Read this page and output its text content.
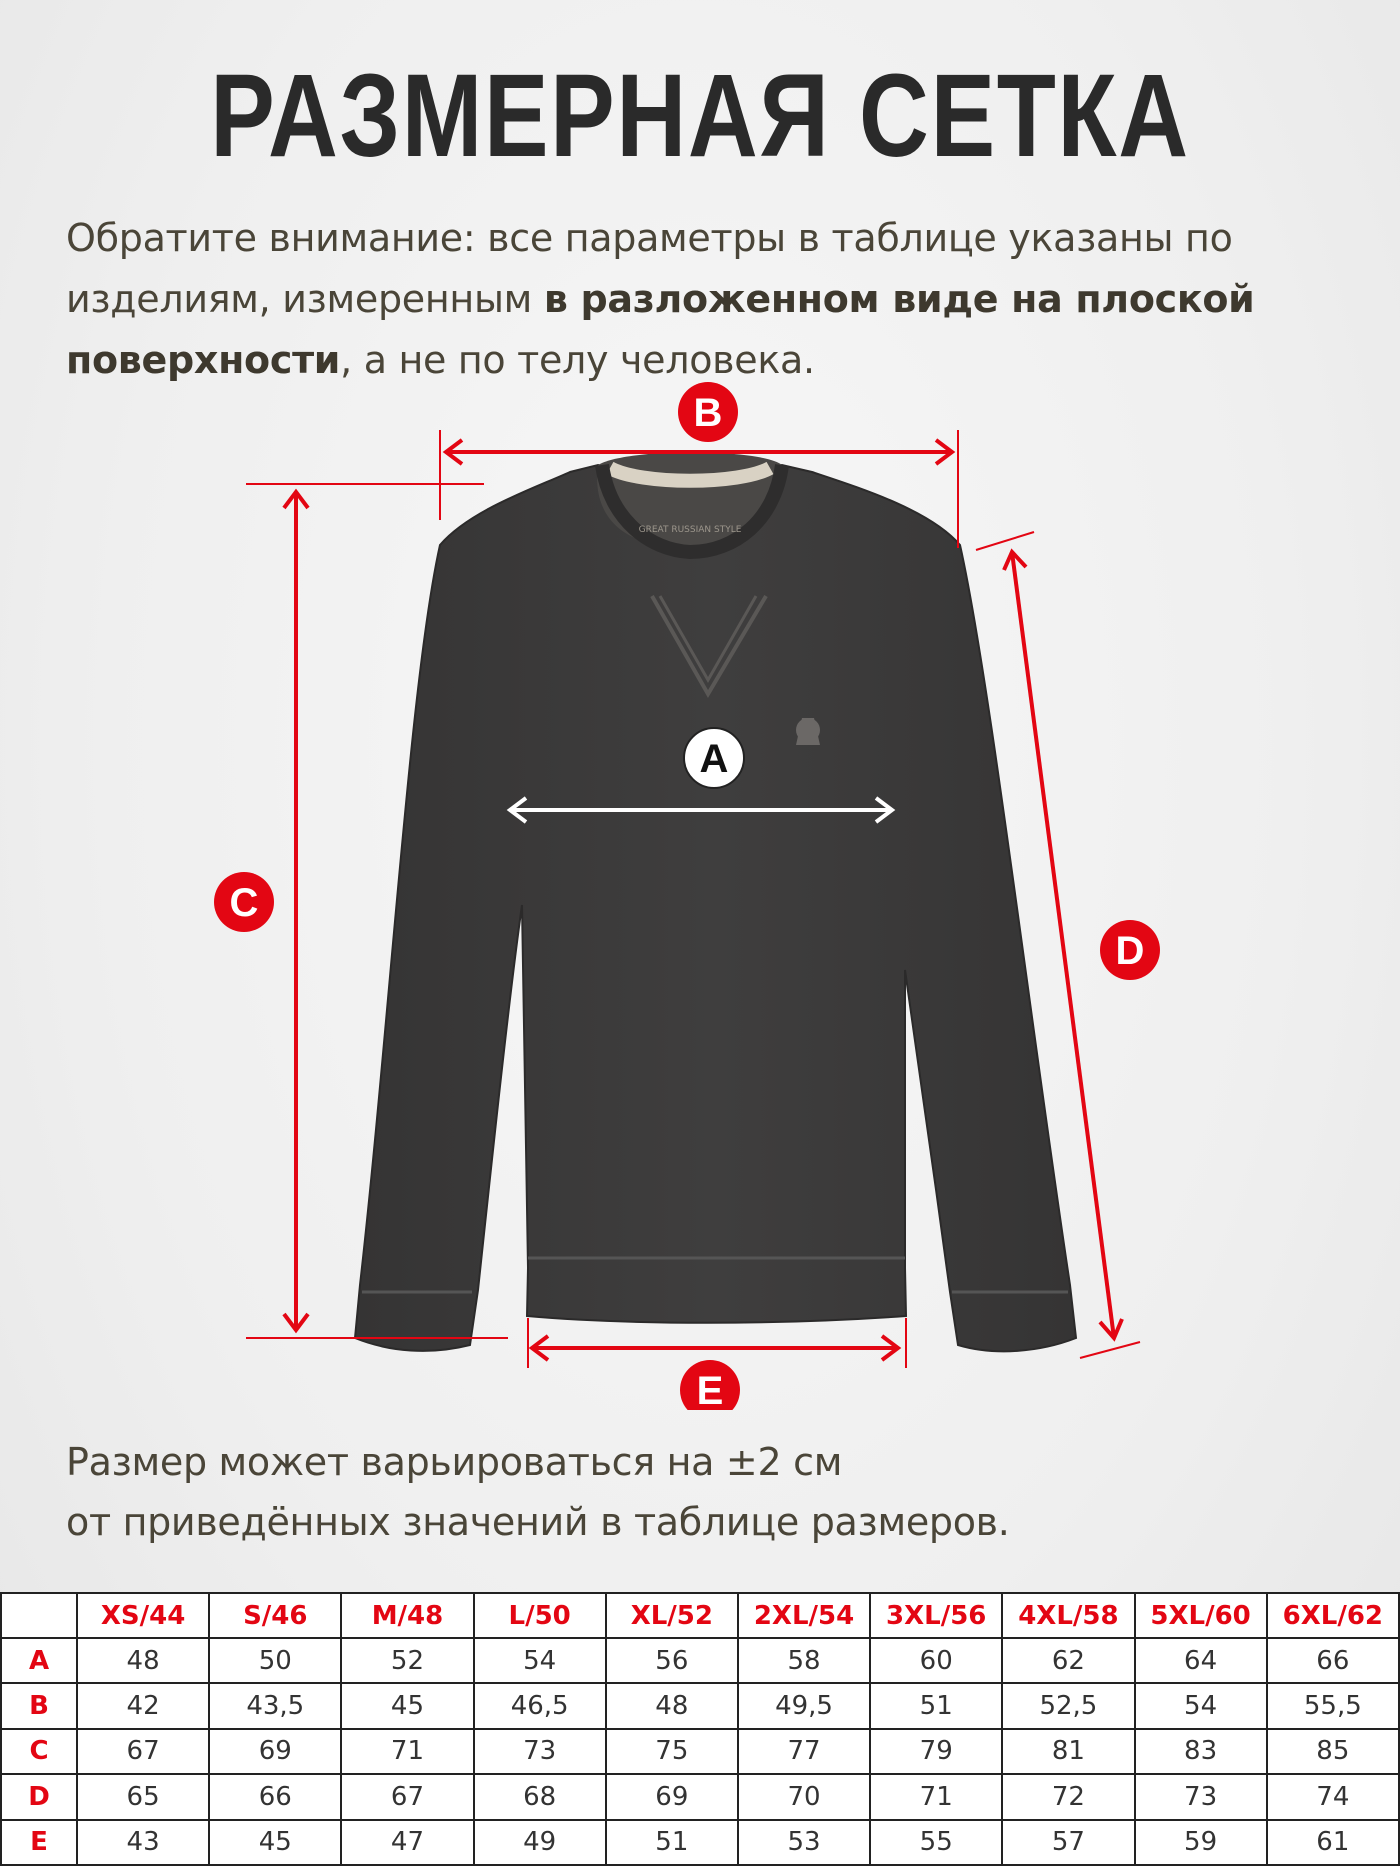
РАЗМЕРНАЯ СЕТКА
Обратите внимание: все параметры в таблице указаны по изделиям, измеренным в разложенном виде на плоской поверхности, а не по телу человека.
GREAT RUSSIAN STYLE
B
C
D
A
E
Размер может варьироваться на ±2 см
от приведённых значений в таблице размеров.
	XS/44	S/46	M/48	L/50	XL/52	2XL/54	3XL/56	4XL/58	5XL/60	6XL/62
A	48	50	52	54	56	58	60	62	64	66
B	42	43,5	45	46,5	48	49,5	51	52,5	54	55,5
C	67	69	71	73	75	77	79	81	83	85
D	65	66	67	68	69	70	71	72	73	74
E	43	45	47	49	51	53	55	57	59	61
